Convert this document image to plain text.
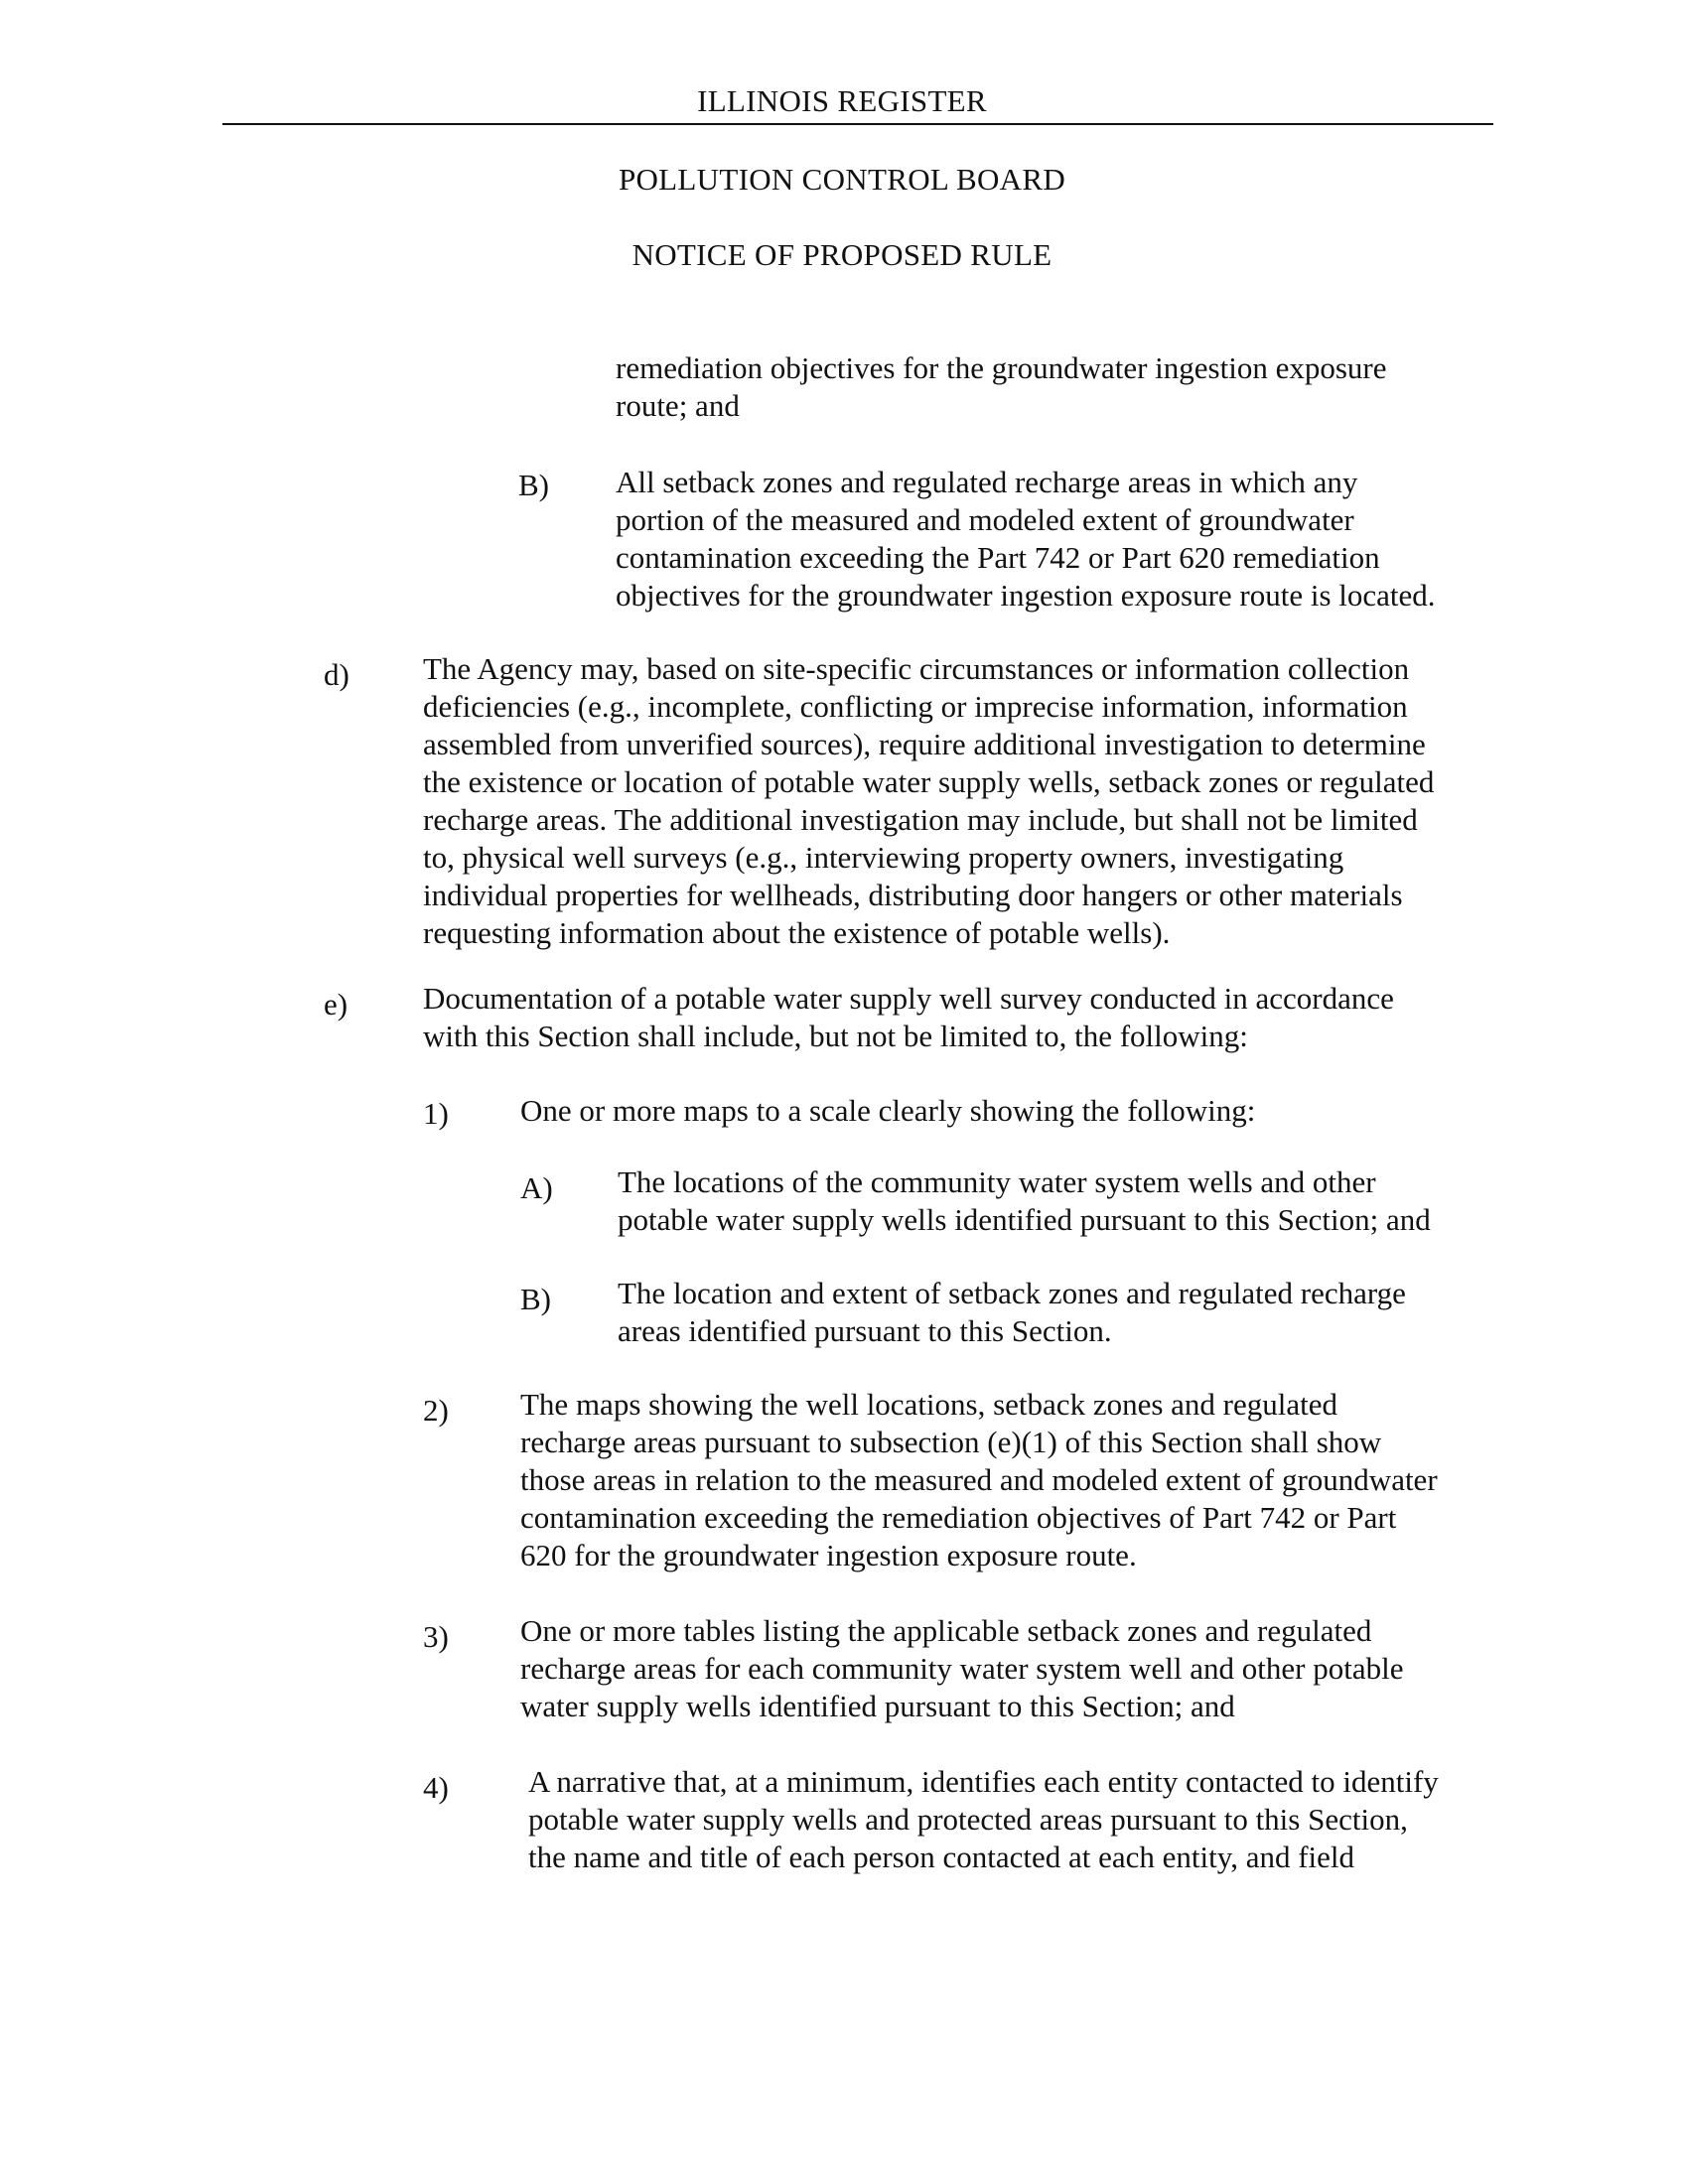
ILLINOIS REGISTER
POLLUTION CONTROL BOARD
NOTICE OF PROPOSED RULE
remediation objectives for the groundwater ingestion exposure
route; and
B) All setback zones and regulated recharge areas in which any
portion of the measured and modeled extent of groundwater
contamination exceeding the Part 742 or Part 620 remediation
objectives for the groundwater ingestion exposure route is located.
d) The Agency may, based on site-specific circumstances or information collection
deficiencies (e.g., incomplete, conflicting or imprecise information, information
assembled from unverified sources), require additional investigation to determine
the existence or location of potable water supply wells, setback zones or regulated
recharge areas. The additional investigation may include, but shall not be limited
to, physical well surveys (e.g., interviewing property owners, investigating
individual properties for wellheads, distributing door hangers or other materials
requesting information about the existence of potable wells).
e) Documentation of a potable water supply well survey conducted in accordance
with this Section shall include, but not be limited to, the following:
1) One or more maps to a scale clearly showing the following:
A) The locations of the community water system wells and other
potable water supply wells identified pursuant to this Section; and
B) The location and extent of setback zones and regulated recharge
areas identified pursuant to this Section.
2) The maps showing the well locations, setback zones and regulated
recharge areas pursuant to subsection (e)(1) of this Section shall show
those areas in relation to the measured and modeled extent of groundwater
contamination exceeding the remediation objectives of Part 742 or Part
620 for the groundwater ingestion exposure route.
3) One or more tables listing the applicable setback zones and regulated
recharge areas for each community water system well and other potable
water supply wells identified pursuant to this Section; and
4)	A narrative that, at a minimum, identifies each entity contacted to identify
potable water supply wells and protected areas pursuant to this Section,
the name and title of each person contacted at each entity, and field
